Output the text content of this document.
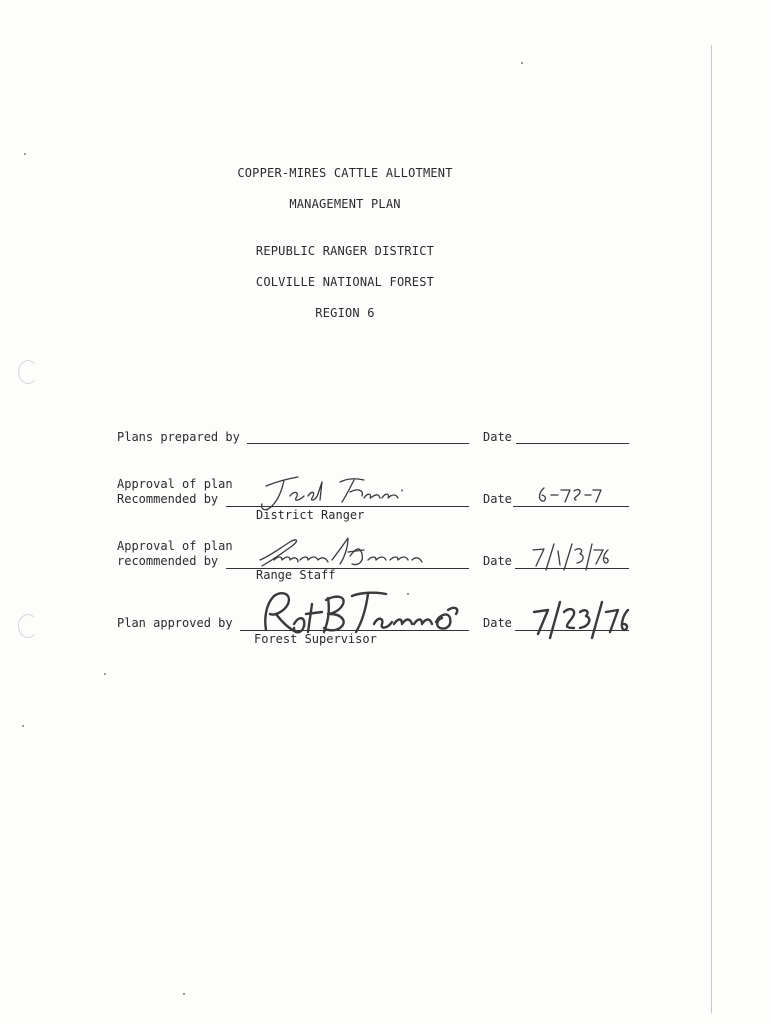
COPPER-MIRES CATTLE ALLOTMENT
MANAGEMENT PLAN
REPUBLIC RANGER DISTRICT
COLVILLE NATIONAL FOREST
REGION 6
Plans prepared by	Date
Approval of plan
Recommended by
District Ranger
Date
Approval of plan
recommended by
Range Staff
Date
Plan approved by
Forest Supervisor
Date
